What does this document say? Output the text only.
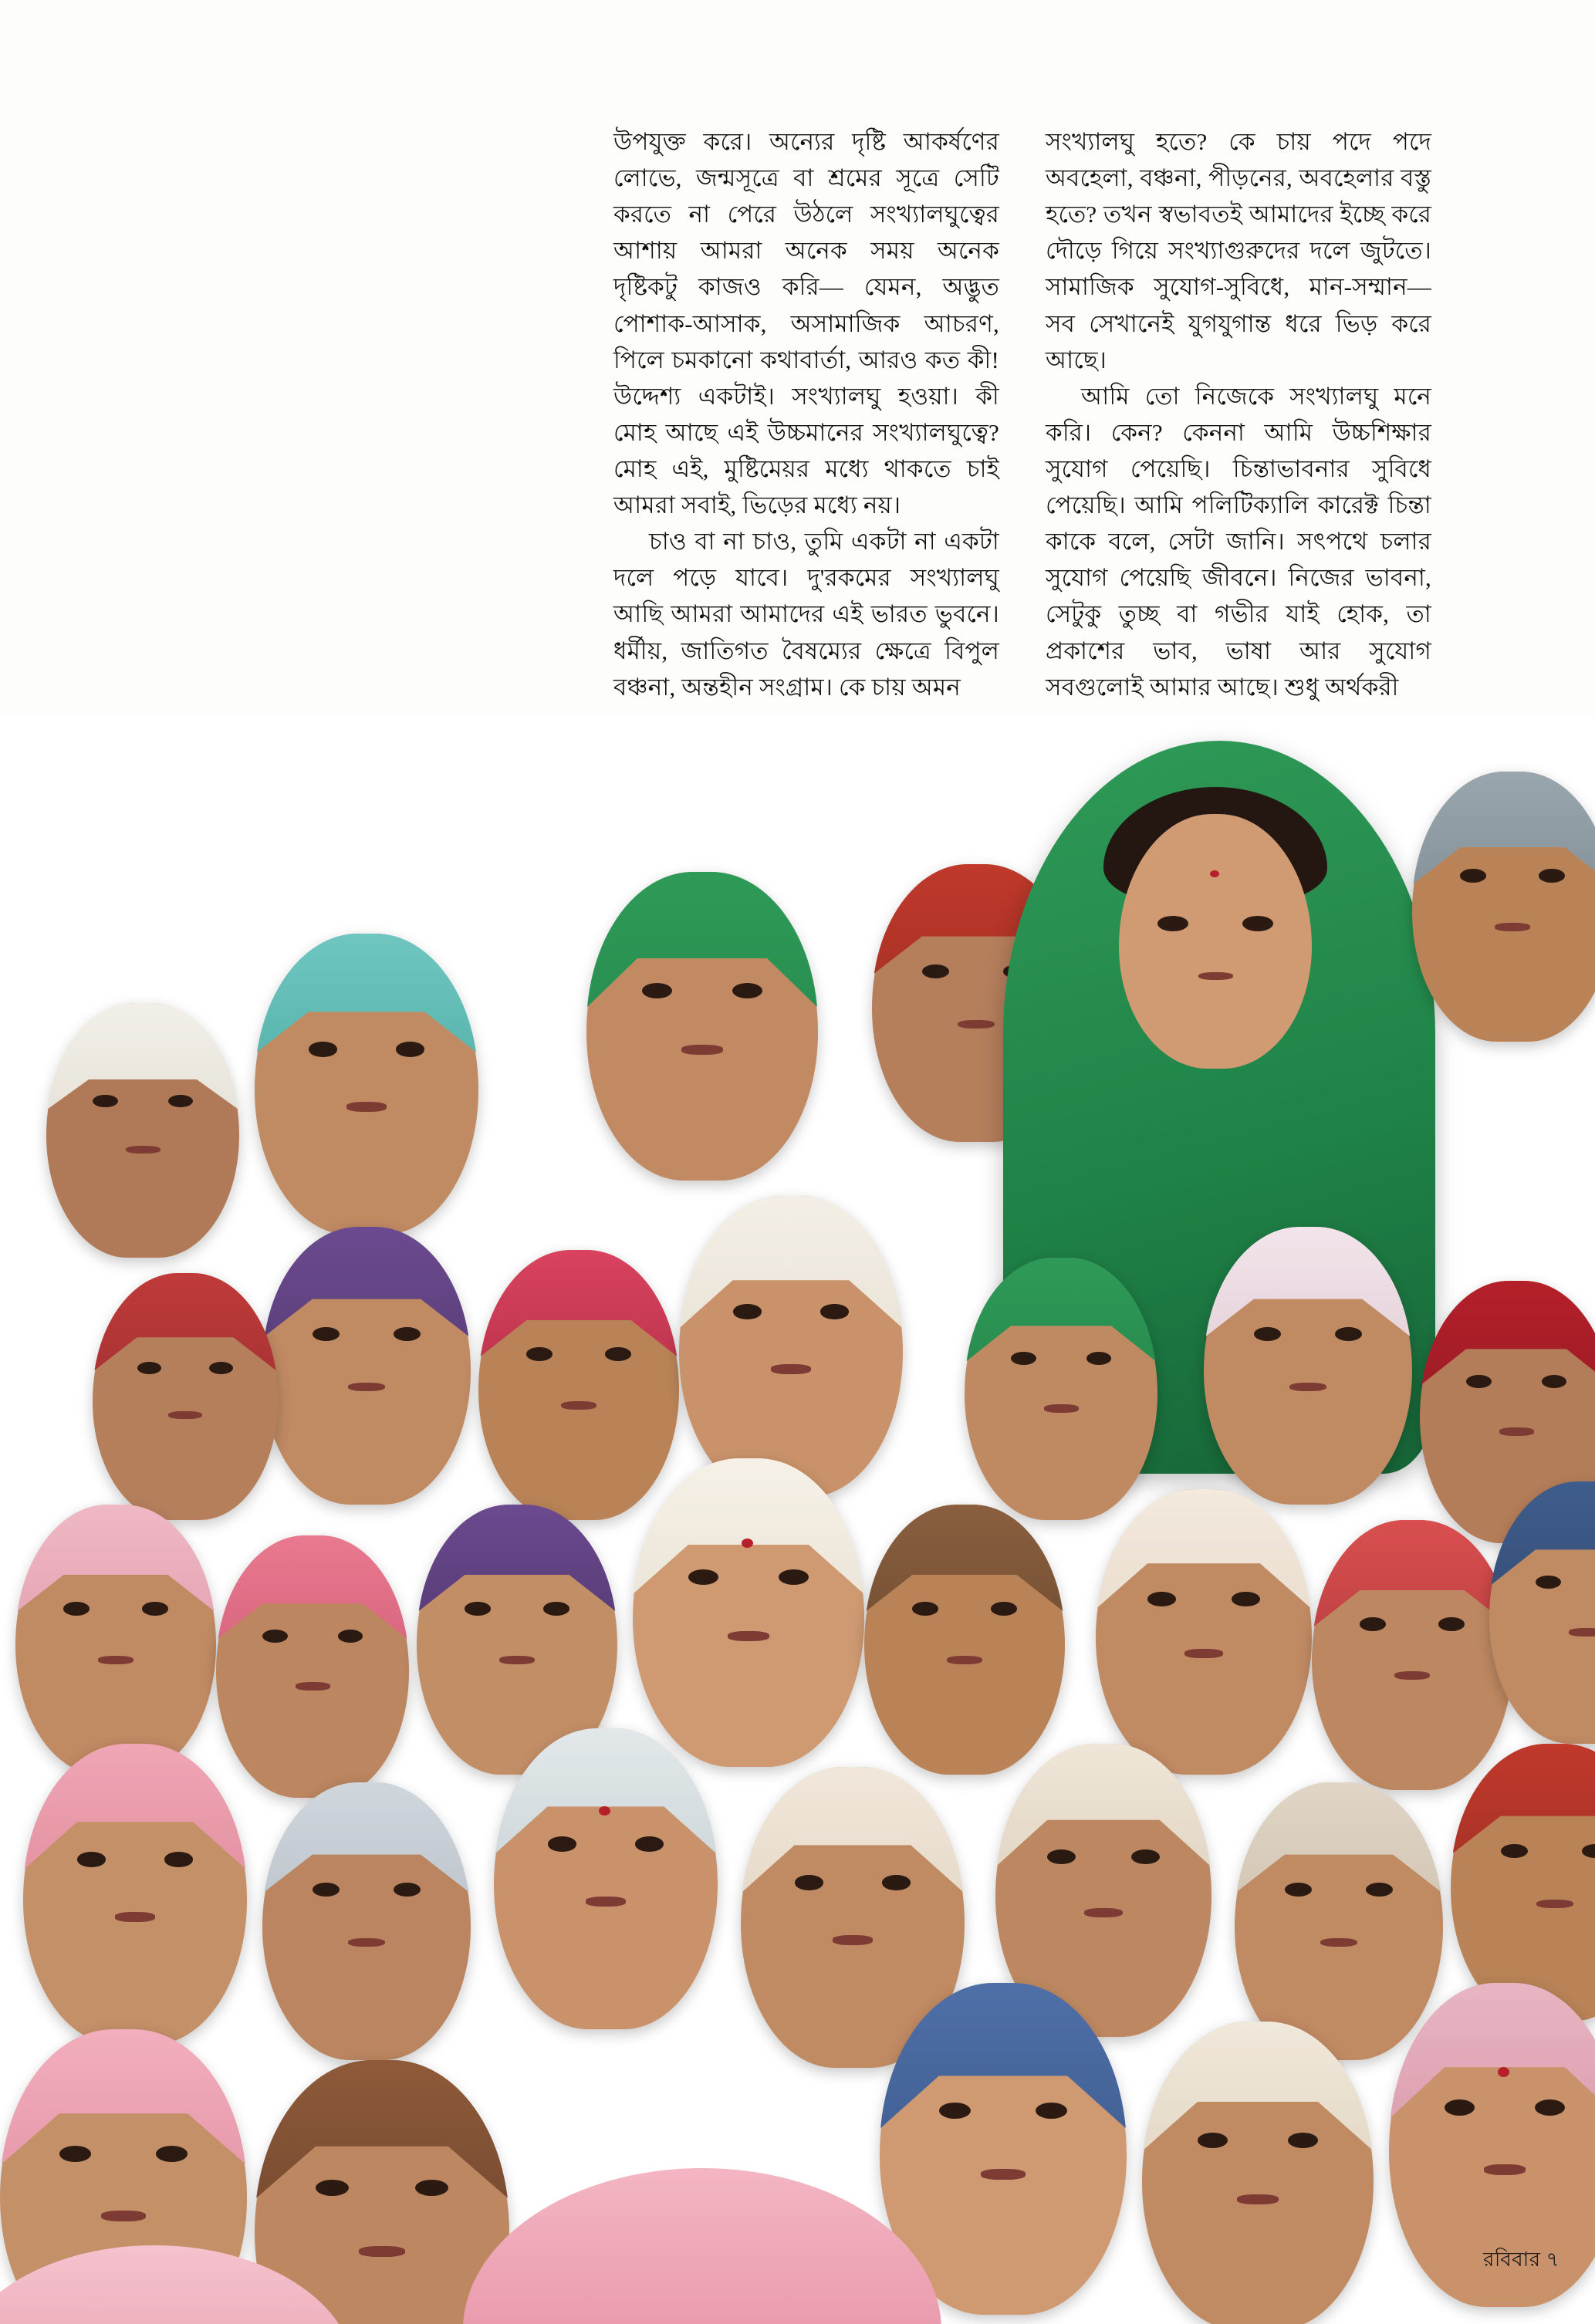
উপযুক্ত করে। অন্যের দৃষ্টি আকর্ষণের লোভে, জন্মসূত্রে বা শ্রমের সূত্রে সেটি করতে না পেরে উঠলে সংখ্যালঘুত্বের আশায় আমরা অনেক সময় অনেক দৃষ্টিকটু কাজও করি— যেমন, অদ্ভুত পোশাক-আসাক, অসামাজিক আচরণ, পিলে চমকানো কথাবার্তা, আরও কত কী! উদ্দেশ্য একটাই। সংখ্যালঘু হওয়া। কী মোহ আছে এই উচ্চমানের সংখ্যালঘুত্বে? মোহ এই, মুষ্টিমেয়র মধ্যে থাকতে চাই আমরা সবাই, ভিড়ের মধ্যে নয়।

চাও বা না চাও, তুমি একটা না একটা দলে পড়ে যাবে। দু'রকমের সংখ্যালঘু আছি আমরা আমাদের এই ভারত ভুবনে। ধর্মীয়, জাতিগত বৈষম্যের ক্ষেত্রে বিপুল বঞ্চনা, অন্তহীন সংগ্রাম। কে চায় অমন

সংখ্যালঘু হতে? কে চায় পদে পদে অবহেলা, বঞ্চনা, পীড়নের, অবহেলার বস্তু হতে? তখন স্বভাবতই আমাদের ইচ্ছে করে দৌড়ে গিয়ে সংখ্যাগুরুদের দলে জুটতে। সামাজিক সুযোগ-সুবিধে, মান-সম্মান— সব সেখানেই যুগযুগান্ত ধরে ভিড় করে আছে।

আমি তো নিজেকে সংখ্যালঘু মনে করি। কেন? কেননা আমি উচ্চশিক্ষার সুযোগ পেয়েছি। চিন্তাভাবনার সুবিধে পেয়েছি। আমি পলিটিক্যালি কারেক্ট চিন্তা কাকে বলে, সেটা জানি। সৎপথে চলার সুযোগ পেয়েছি জীবনে। নিজের ভাবনা, সেটুকু তুচ্ছ বা গভীর যাই হোক, তা প্রকাশের ভাব, ভাষা আর সুযোগ সবগুলোই আমার আছে। শুধু অর্থকরী

রবিবার ৭
